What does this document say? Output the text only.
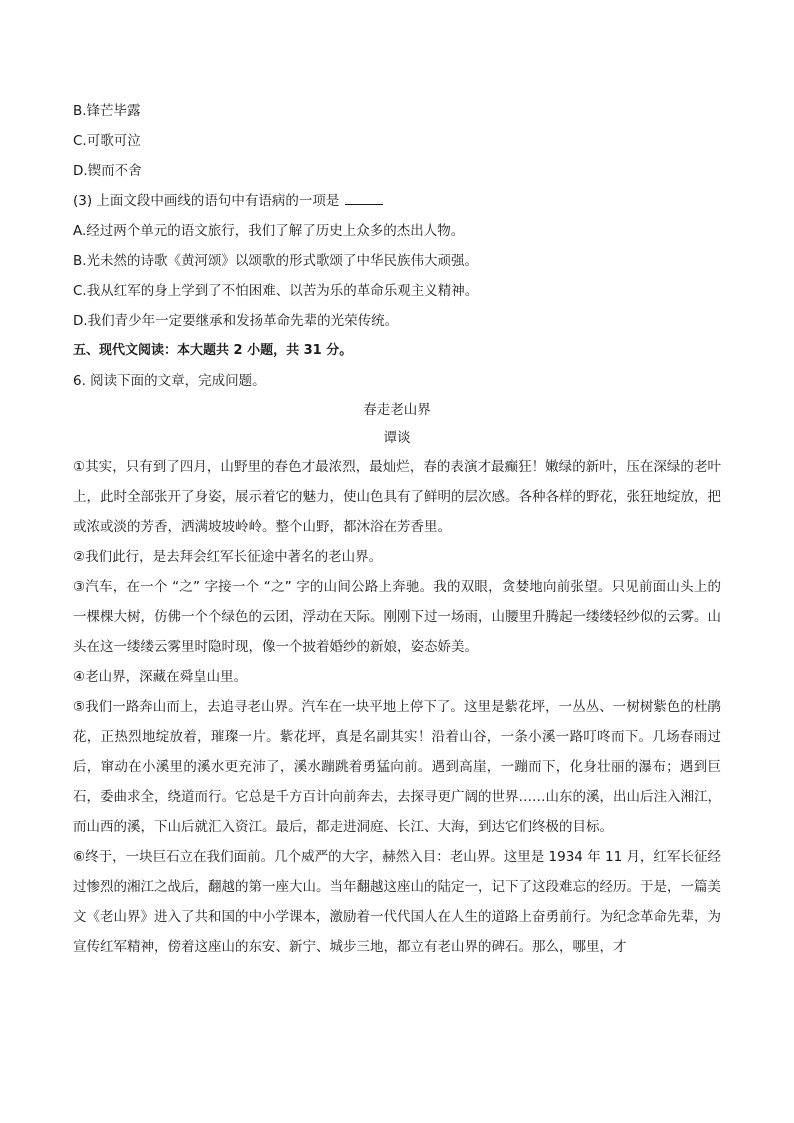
B.锋芒毕露
C.可歌可泣
D.锲而不舍
(3) 上面文段中画线的语句中有语病的一项是
A.经过两个单元的语文旅行，我们了解了历史上众多的杰出人物。
B.光未然的诗歌《黄河颂》以颂歌的形式歌颂了中华民族伟大顽强。
C.我从红军的身上学到了不怕困难、以苦为乐的革命乐观主义精神。
D.我们青少年一定要继承和发扬革命先辈的光荣传统。
五、现代文阅读：本大题共 2 小题，共 31 分。
6. 阅读下面的文章，完成问题。
春走老山界
谭谈

①其实，只有到了四月，山野里的春色才最浓烈，最灿烂，春的表演才最癫狂！嫩绿的新叶，压在深绿的老叶上，此时全部张开了身姿，展示着它的魅力，使山色具有了鲜明的层次感。各种各样的野花，张狂地绽放，把或浓或淡的芳香，洒满坡坡岭岭。整个山野，都沐浴在芳香里。

②我们此行，是去拜会红军长征途中著名的老山界。

③汽车，在一个 “之” 字接一个 “之” 字的山间公路上奔驰。我的双眼，贪婪地向前张望。只见前面山头上的一棵棵大树，仿佛一个个绿色的云团，浮动在天际。刚刚下过一场雨，山腰里升腾起一缕缕轻纱似的云雾。山头在这一缕缕云雾里时隐时现，像一个披着婚纱的新娘，姿态娇美。

④老山界，深藏在舜皇山里。

⑤我们一路奔山而上，去追寻老山界。汽车在一块平地上停下了。这里是紫花坪，一丛丛、一树树紫色的杜鹃花，正热烈地绽放着，璀璨一片。紫花坪，真是名副其实！沿着山谷，一条小溪一路叮咚而下。几场春雨过后，窜动在小溪里的溪水更充沛了，溪水蹦跳着勇猛向前。遇到高崖，一蹦而下，化身壮丽的瀑布；遇到巨石，委曲求全，绕道而行。它总是千方百计向前奔去，去探寻更广阔的世界……山东的溪，出山后注入湘江，而山西的溪，下山后就汇入资江。最后，都走进洞庭、长江、大海，到达它们终极的目标。

⑥终于，一块巨石立在我们面前。几个威严的大字，赫然入目：老山界。这里是 1934 年 11 月，红军长征经过惨烈的湘江之战后，翻越的第一座大山。当年翻越这座山的陆定一，记下了这段难忘的经历。于是，一篇美文《老山界》进入了共和国的中小学课本，激励着一代代国人在人生的道路上奋勇前行。为纪念革命先辈，为宣传红军精神，傍着这座山的东安、新宁、城步三地，都立有老山界的碑石。那么，哪里，才
